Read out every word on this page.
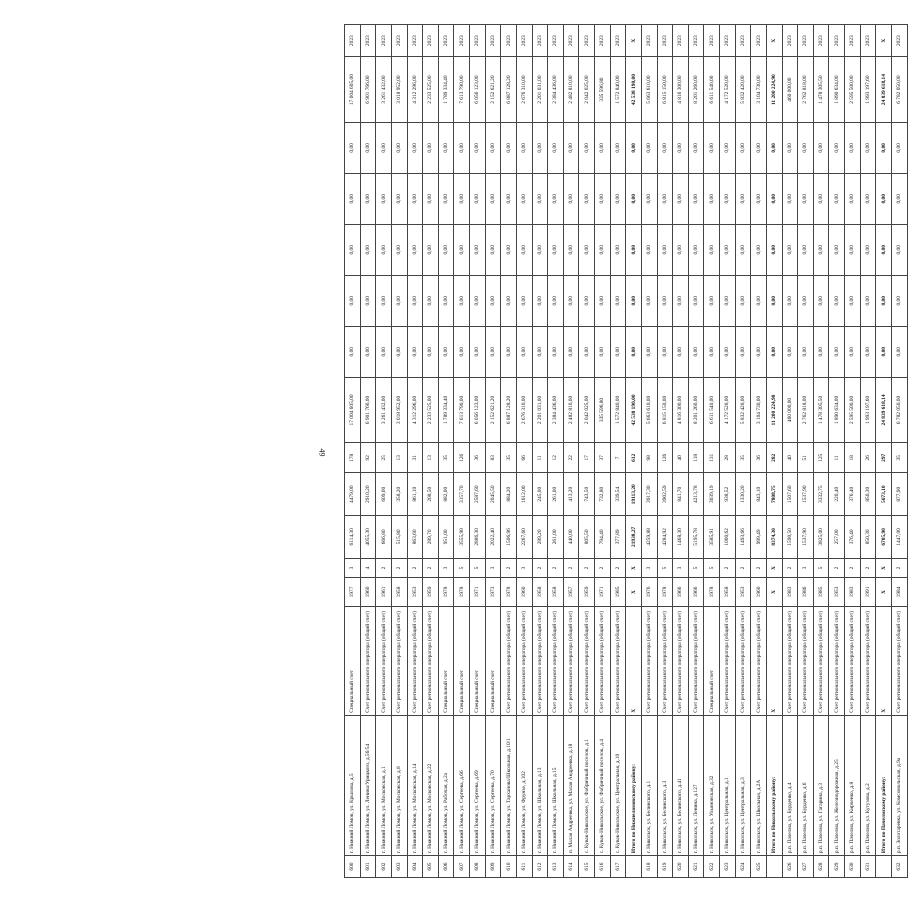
49
600	г. Нижний Ломов, ул. Крылова, д.5	Специальный счет	1977	3	6114,30	4479,00	178	17 004 605,00	0,00	0,00	0,00	0,00	0,00	17 004 605,00	2023
601	г. Нижний Ломов, ул. Ленина/Урицкого, д.56/54	Счет регионального оператора (общий счет)	1960	4	4055,30	2910,20	92	6 901 766,00	0,00	0,00	0,00	0,00	0,00	6 901 766,00	2023
602	г. Нижний Ломов, ул. Московская, д.1	Счет регионального оператора (общий счет)	1961	2	666,80	609,00	25	3 261 432,00	0,00	0,00	0,00	0,00	0,00	3 261 432,00	2023
603	г. Нижний Ломов, ул. Московская, д.8	Счет регионального оператора (общий счет)	1958	2	515,80	358,20	13	3 018 952,00	0,00	0,00	0,00	0,00	0,00	3 018 952,00	2023
604	г. Нижний Ломов, ул. Московская, д.14	Счет регионального оператора (общий счет)	1953	2	863,60	861,10	31	4 312 296,00	0,00	0,00	0,00	0,00	0,00	4 312 296,00	2023
605	г. Нижний Ломов, ул. Московская, д.22	Счет регионального оператора (общий счет)	1959	2	289,70	208,50	13	2 233 525,00	0,00	0,00	0,00	0,00	0,00	2 233 525,00	2023
606	г. Нижний Ломов, ул. Рабочая, д.2а	Специальный счет	1978	3	951,00	882,00	35	1 789 334,40	0,00	0,00	0,00	0,00	0,00	1 789 334,40	2023
607	г. Нижний Ломов, ул. Сергеева, д.66	Специальный счет	1978	5	3555,90	3157,70	126	7 613 790,00	0,00	0,00	0,00	0,00	0,00	7 613 790,00	2023
608	г. Нижний Ломов, ул. Сергеева, д.69	Специальный счет	1971	5	2886,30	2587,60	36	6 056 123,00	0,00	0,00	0,00	0,00	0,00	6 056 123,00	2023
609	г. Нижний Ломов, ул. Сергеева, д.70	Специальный счет	1973	3	2022,40	2045,50	83	2 152 621,20	0,00	0,00	0,00	0,00	0,00	2 152 621,20	2023
610	г. Нижний Ломов, ул. Тарханова/Школьная, д.10/1	Счет регионального оператора (общий счет)	1978	2	1506,96	884,20	35	6 887 128,20	0,00	0,00	0,00	0,00	0,00	6 887 128,20	2023
611	г. Нижний Ломов, ул. Фрунзе, д.102	Счет регионального оператора (общий счет)	1960	3	2267,60	1612,00	66	2 676 310,00	0,00	0,00	0,00	0,00	0,00	2 676 310,00	2023
612	г. Нижний Ломов, ул. Школьная, д.13	Счет регионального оператора (общий счет)	1958	2	289,20	245,00	11	2 201 031,00	0,00	0,00	0,00	0,00	0,00	2 201 031,00	2023
613	г. Нижний Ломов, ул. Школьная, д.15	Счет регионального оператора (общий счет)	1958	2	261,00	261,00	12	2 384 436,00	0,00	0,00	0,00	0,00	0,00	2 384 436,00	2023
614	п. Малая Андреевка, ул. Малая Андреевка, д.18	Счет регионального оператора (общий счет)	1957	2	440,00	413,20	22	2 482 810,00	0,00	0,00	0,00	0,00	0,00	2 482 810,00	2023
615	с. Кувак-Никольское, ул. Фабричный поселок, д.1	Счет регионального оператора (общий счет)	1959	2	805,50	743,50	17	2 042 025,00	0,00	0,00	0,00	0,00	0,00	2 042 025,00	2023
616	с. Кувак-Никольское, ул. Фабричный поселок, д.4	Счет регионального оператора (общий счет)	1971	2	794,40	732,80	37	335 596,80	0,00	0,00	0,00	0,00	0,00	335 596,80	2023
617	с. Кувак-Никольское, ул. Центральная, д.10	Счет регионального оператора (общий счет)	1985	2	377,89	339,54	7	1 572 840,00	0,00	0,00	0,00	0,00	0,00	1 572 840,00	2023
	Итого по Нижнеломовскому району:	X	X	X	21938,27	19113,20	612	42 538 190,00	0,00	0,00	0,00	0,00	0,00	42 538 190,00	X
618	г. Никольск, ул. Белинского, д.1	Счет регионального оператора (общий счет)	1976	3	4259,88	3917,30	98	5 663 610,00	0,00	0,00	0,00	0,00	0,00	5 663 610,00	2023
619	г. Никольск, ул. Белинского, д.3	Счет регионального оператора (общий счет)	1978	5	4284,92	3902,59	126	6 815 150,00	0,00	0,00	0,00	0,00	0,00	6 815 150,00	2023
620	г. Никольск, ул. Белинского, д.41	Счет регионального оператора (общий счет)	1966	3	1468,30	841,70	40	4 816 300,00	0,00	0,00	0,00	0,00	0,00	4 816 300,00	2023
621	г. Никольск, ул. Ленина, д.127	Счет регионального оператора (общий счет)	1966	5	5195,78	4213,78	118	8 201 260,00	0,00	0,00	0,00	0,00	0,00	8 201 260,00	2023
622	г. Никольск, ул. Ульяновская, д.32	Специальный счет	1978	5	3585,91	3039,19	131	6 611 540,00	0,00	0,00	0,00	0,00	0,00	6 611 540,00	2023
623	г. Никольск, ул. Центральная, д.1	Счет регионального оператора (общий счет)	1958	2	1000,62	938,52	28	4 172 520,00	0,00	0,00	0,00	0,00	0,00	4 172 520,00	2023
624	г. Никольск, ул. Центральная, д.3	Счет регионального оператора (общий счет)	1953	2	1493,66	1330,20	35	5 832 420,00	0,00	0,00	0,00	0,00	0,00	5 832 420,00	2023
625	г. Никольск, ул. Школьная, д.2А	Счет регионального оператора (общий счет)	1960	2	999,49	843,10	36	3 104 730,00	0,00	0,00	0,00	0,00	0,00	3 104 730,00	2023
	Итого по Никольскому району:	X	X	X	8374,30	7808,75	282	11 200 224,90	0,00	0,00	0,00	0,00	0,00	11 200 224,90	X
626	р.п. Пачелма, ул. Бурденко, д.4	Счет регионального оператора (общий счет)	1983	2	1590,50	1507,60	40	460 000,00	0,00	0,00	0,00	0,00	0,00	460 000,00	2023
627	р.п. Пачелма, ул. Бурденко, д.6	Счет регионального оператора (общий счет)	1986	3	1537,90	1537,90	51	2 762 818,00	0,00	0,00	0,00	0,00	0,00	2 762 818,00	2023
628	р.п. Пачелма, ул. Гагарина, д.3	Счет регионального оператора (общий счет)	1985	5	3825,00	3332,75	125	1 478 305,50	0,00	0,00	0,00	0,00	0,00	1 478 305,50	2023
629	р.п. Пачелма, ул. Железнодорожная, д.25	Счет регионального оператора (общий счет)	1953	2	257,00	220,40	11	1 890 634,00	0,00	0,00	0,00	0,00	0,00	1 890 634,00	2023
630	р.п. Пачелма, ул. Кирченко, д.8	Счет регионального оператора (общий счет)	1983	2	376,40	376,40	18	2 595 500,00	0,00	0,00	0,00	0,00	0,00	2 595 500,00	2023
631	р.п. Пачелма, ул. Кутузова, д.2	Счет регионального оператора (общий счет)	1991	2	850,30	850,30	26	1 993 197,60	0,00	0,00	0,00	0,00	0,00	1 993 197,60	2023
	Итого по Пачелмскому району:	X	X	X	6705,90	5673,10	297	24 839 618,14	0,00	0,00	0,00	0,00	0,00	24 839 618,14	X
632	р.п. Золотаревка, ул. Комсомольская, д.9а	Счет регионального оператора (общий счет)	1984	2	1447,00	877,90	35	6 782 050,00	0,00	0,00	0,00	0,00	0,00	6 782 050,00	2023
